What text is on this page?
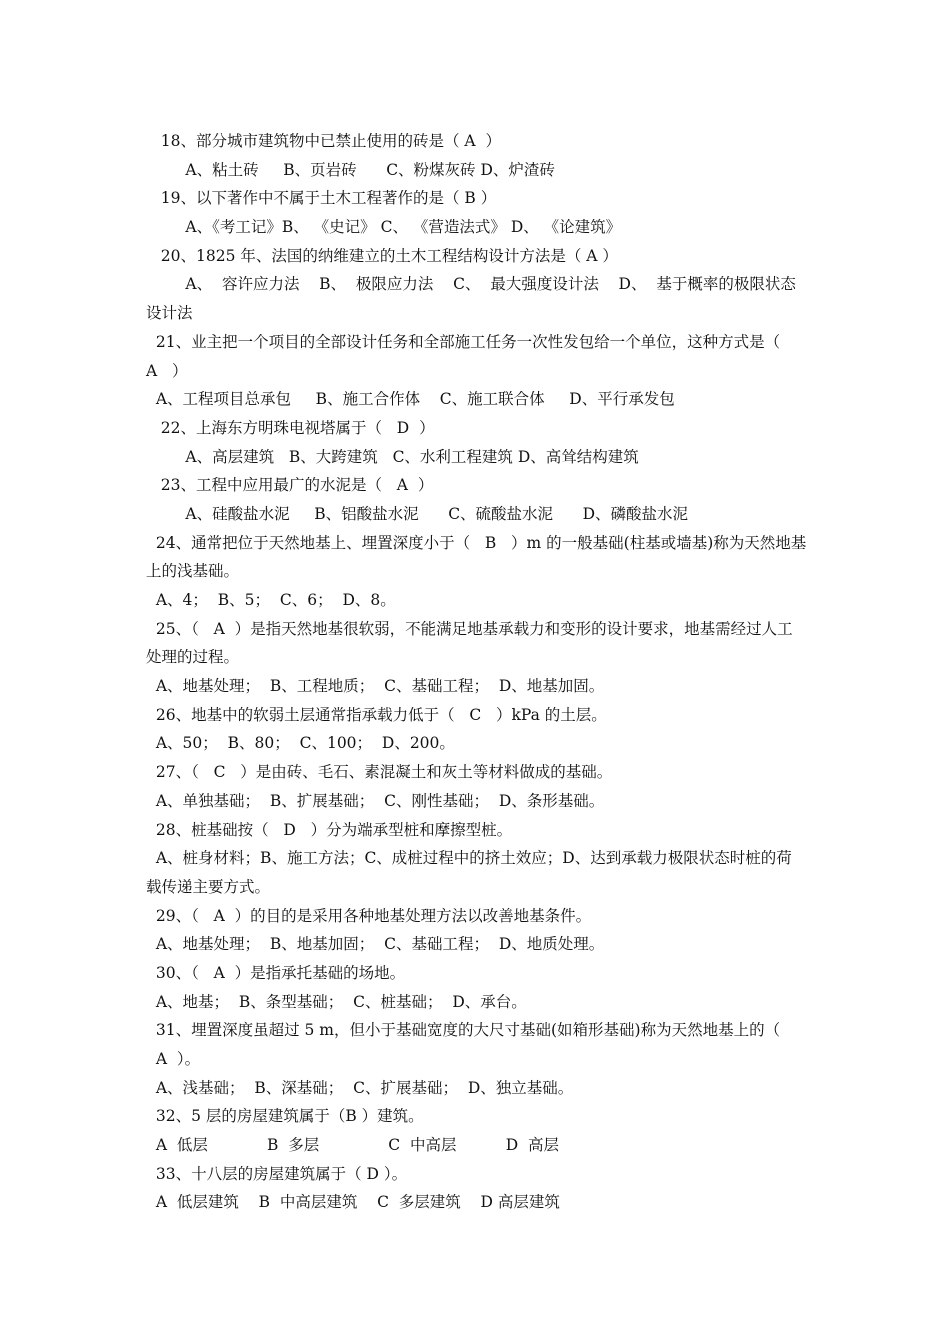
18、部分城市建筑物中已禁止使用的砖是（ A  ）
A、粘土砖     B、页岩砖      C、粉煤灰砖 D、炉渣砖
19、以下著作中不属于土木工程著作的是（ B ）
A、《考工记》B、 《史记》 C、 《营造法式》 D、 《论建筑》
20、1825 年、法国的纳维建立的土木工程结构设计方法是（ A ）
A、  容许应力法    B、  极限应力法    C、  最大强度设计法    D、  基于概率的极限状态
设计法
21、业主把一个项目的全部设计任务和全部施工任务一次性发包给一个单位，这种方式是（
A   ）
A、工程项目总承包     B、施工合作体    C、施工联合体     D、平行承发包
22、上海东方明珠电视塔属于（   D  ）
A、高层建筑   B、大跨建筑   C、水利工程建筑 D、高耸结构建筑
23、工程中应用最广的水泥是（   A  ）
A、硅酸盐水泥     B、铝酸盐水泥      C、硫酸盐水泥      D、磷酸盐水泥
24、通常把位于天然地基上、埋置深度小于（   B   ）m 的一般基础(柱基或墙基)称为天然地基
上的浅基础。
A、4；  B、5；  C、6；  D、8。
25、（   A  ）是指天然地基很软弱，不能满足地基承载力和变形的设计要求，地基需经过人工
处理的过程。
A、地基处理；  B、工程地质；  C、基础工程；  D、地基加固。
26、地基中的软弱土层通常指承载力低于（   C   ）kPa 的土层。
A、50；  B、80；  C、100；  D、200。
27、（   C   ）是由砖、毛石、素混凝土和灰土等材料做成的基础。
A、单独基础；  B、扩展基础；  C、刚性基础；  D、条形基础。
28、桩基础按（   D   ）分为端承型桩和摩擦型桩。
A、桩身材料；B、施工方法；C、成桩过程中的挤土效应；D、达到承载力极限状态时桩的荷
载传递主要方式。
29、（   A  ）的目的是采用各种地基处理方法以改善地基条件。
A、地基处理；  B、地基加固；  C、基础工程；  D、地质处理。
30、（   A  ）是指承托基础的场地。
A、地基；  B、条型基础；  C、桩基础；  D、承台。
31、埋置深度虽超过 5 m，但小于基础宽度的大尺寸基础(如箱形基础)称为天然地基上的（
A  ）。
A、浅基础；  B、深基础；  C、扩展基础；  D、独立基础。
32、5 层的房屋建筑属于（B ）建筑。
A  低层            B  多层              C  中高层          D  高层
33、十八层的房屋建筑属于（ D ）。
A  低层建筑    B  中高层建筑    C  多层建筑    D 高层建筑
